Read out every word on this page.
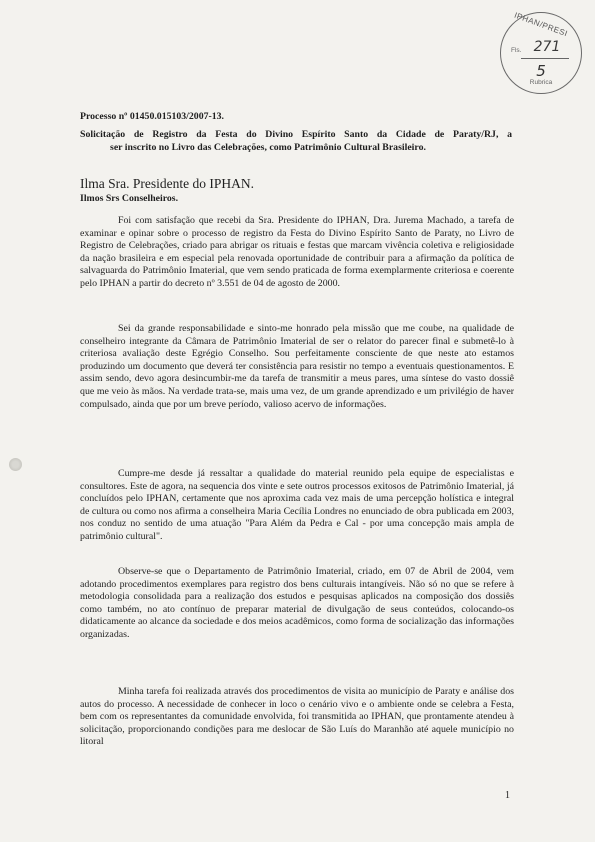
IPHAN/PRESI
Fls. 271
5
Rubrica
Processo nº 01450.015103/2007-13.
Solicitação de Registro da Festa do Divino Espírito Santo da Cidade de Paraty/RJ, a
ser inscrito no Livro das Celebrações, como Patrimônio Cultural Brasileiro.
Ilma Sra. Presidente do IPHAN.
Ilmos Srs Conselheiros.

Foi com satisfação que recebi da Sra. Presidente do IPHAN, Dra. Jurema Machado, a tarefa de examinar e opinar sobre o processo de registro da Festa do Divino Espírito Santo de Paraty, no Livro de Registro de Celebrações, criado para abrigar os rituais e festas que marcam vivência coletiva e religiosidade da nação brasileira e em especial pela renovada oportunidade de contribuir para a afirmação da política de salvaguarda do Patrimônio Imaterial, que vem sendo praticada de forma exemplarmente criteriosa e coerente pelo IPHAN a partir do decreto nº 3.551 de 04 de agosto de 2000.

Sei da grande responsabilidade e sinto-me honrado pela missão que me coube, na qualidade de conselheiro integrante da Câmara de Patrimônio Imaterial de ser o relator do parecer final e submetê-lo à criteriosa avaliação deste Egrégio Conselho. Sou perfeitamente consciente de que neste ato estamos produzindo um documento que deverá ter consistência para resistir no tempo a eventuais questionamentos. E assim sendo, devo agora desincumbir-me da tarefa de transmitir a meus pares, uma síntese do vasto dossiê que me veio às mãos. Na verdade trata-se, mais uma vez, de um grande aprendizado e um privilégio de haver compulsado, ainda que por um breve período, valioso acervo de informações.

Cumpre-me desde já ressaltar a qualidade do material reunido pela equipe de especialistas e consultores. Este de agora, na sequencia dos vinte e sete outros processos exitosos de Patrimônio Imaterial, já concluídos pelo IPHAN, certamente que nos aproxima cada vez mais de uma percepção holística e integral de cultura ou como nos afirma a conselheira Maria Cecília Londres no enunciado de obra publicada em 2003, nos conduz no sentido de uma atuação "Para Além da Pedra e Cal - por uma concepção mais ampla de patrimônio cultural".

Observe-se que o Departamento de Patrimônio Imaterial, criado, em 07 de Abril de 2004, vem adotando procedimentos exemplares para registro dos bens culturais intangíveis. Não só no que se refere à metodologia consolidada para a realização dos estudos e pesquisas aplicados na composição dos dossiês como também, no ato contínuo de preparar material de divulgação de seus conteúdos, colocando-os didaticamente ao alcance da sociedade e dos meios acadêmicos, como forma de socialização das informações organizadas.

Minha tarefa foi realizada através dos procedimentos de visita ao município de Paraty e análise dos autos do processo. A necessidade de conhecer in loco o cenário vivo e o ambiente onde se celebra a Festa, bem com os representantes da comunidade envolvida, foi transmitida ao IPHAN, que prontamente atendeu à solicitação, proporcionando condições para me deslocar de São Luís do Maranhão até aquele município no litoral

1
